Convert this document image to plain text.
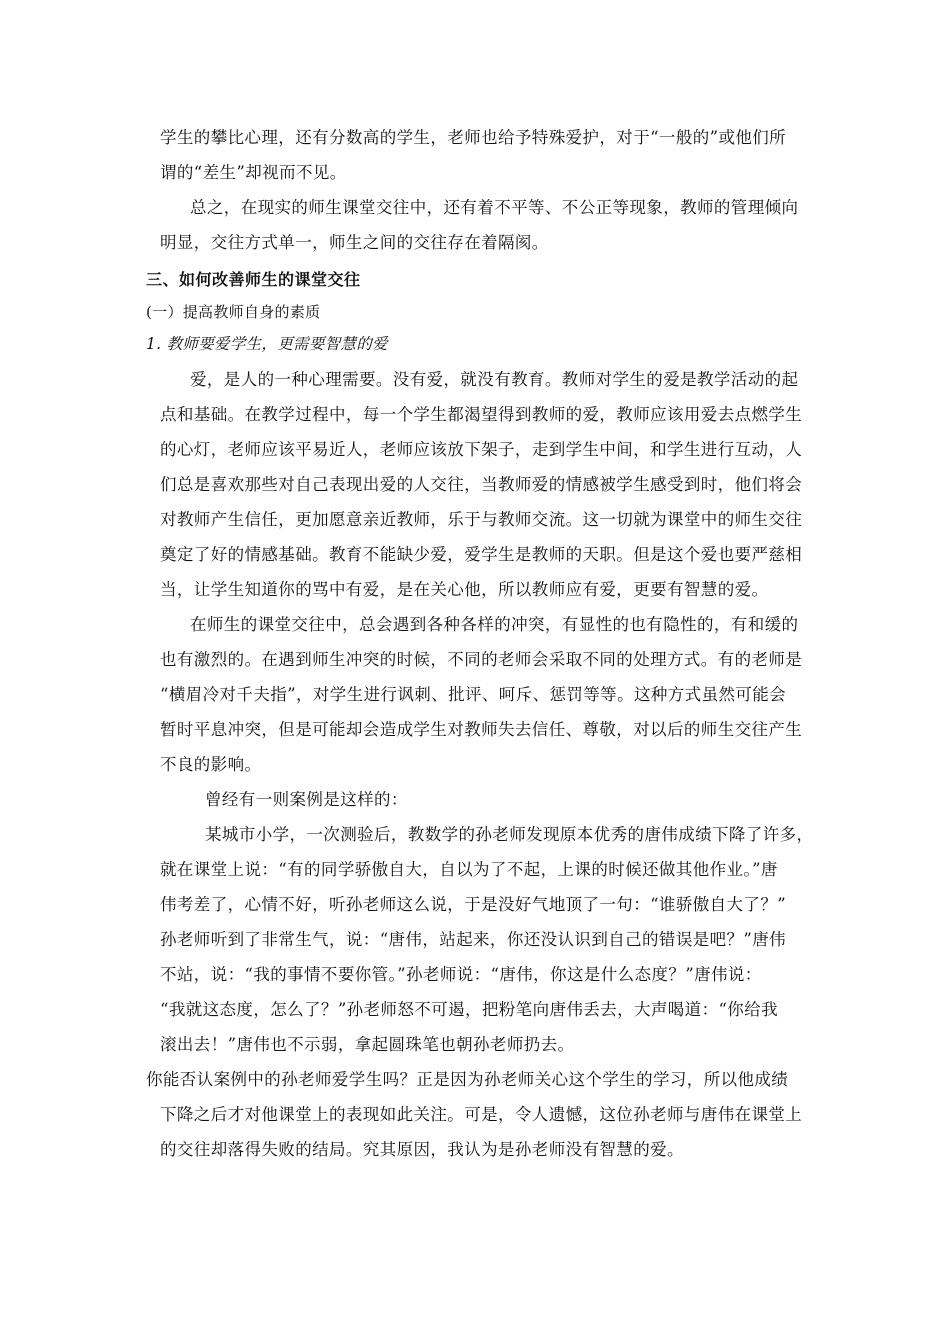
学生的攀比心理，还有分数高的学生，老师也给予特殊爱护，对于“一般的”或他们所
谓的“差生”却视而不见。
总之，在现实的师生课堂交往中，还有着不平等、不公正等现象，教师的管理倾向
明显，交往方式单一，师生之间的交往存在着隔阂。
三、如何改善师生的课堂交往
(一）提高教师自身的素质
1. 教师要爱学生，更需要智慧的爱
爱，是人的一种心理需要。没有爱，就没有教育。教师对学生的爱是教学活动的起
点和基础。在教学过程中，每一个学生都渴望得到教师的爱，教师应该用爱去点燃学生
的心灯，老师应该平易近人，老师应该放下架子，走到学生中间，和学生进行互动，人
们总是喜欢那些对自己表现出爱的人交往，当教师爱的情感被学生感受到时，他们将会
对教师产生信任，更加愿意亲近教师，乐于与教师交流。这一切就为课堂中的师生交往
奠定了好的情感基础。教育不能缺少爱，爱学生是教师的天职。但是这个爱也要严慈相
当，让学生知道你的骂中有爱，是在关心他，所以教师应有爱，更要有智慧的爱。
在师生的课堂交往中，总会遇到各种各样的冲突，有显性的也有隐性的，有和缓的
也有激烈的。在遇到师生冲突的时候，不同的老师会采取不同的处理方式。有的老师是
“横眉冷对千夫指”，对学生进行讽刺、批评、呵斥、惩罚等等。这种方式虽然可能会
暂时平息冲突，但是可能却会造成学生对教师失去信任、尊敬，对以后的师生交往产生
不良的影响。
曾经有一则案例是这样的：
某城市小学，一次测验后，教数学的孙老师发现原本优秀的唐伟成绩下降了许多，
就在课堂上说：“有的同学骄傲自大，自以为了不起，上课的时候还做其他作业。”唐
伟考差了，心情不好，听孙老师这么说，于是没好气地顶了一句：“谁骄傲自大了？”
孙老师听到了非常生气，说：“唐伟，站起来，你还没认识到自己的错误是吧？”唐伟
不站，说：“我的事情不要你管。”孙老师说：“唐伟，你这是什么态度？”唐伟说：
“我就这态度，怎么了？”孙老师怒不可遏，把粉笔向唐伟丢去，大声喝道：“你给我
滚出去！”唐伟也不示弱，拿起圆珠笔也朝孙老师扔去。
你能否认案例中的孙老师爱学生吗？正是因为孙老师关心这个学生的学习，所以他成绩
下降之后才对他课堂上的表现如此关注。可是，令人遗憾，这位孙老师与唐伟在课堂上
的交往却落得失败的结局。究其原因，我认为是孙老师没有智慧的爱。
